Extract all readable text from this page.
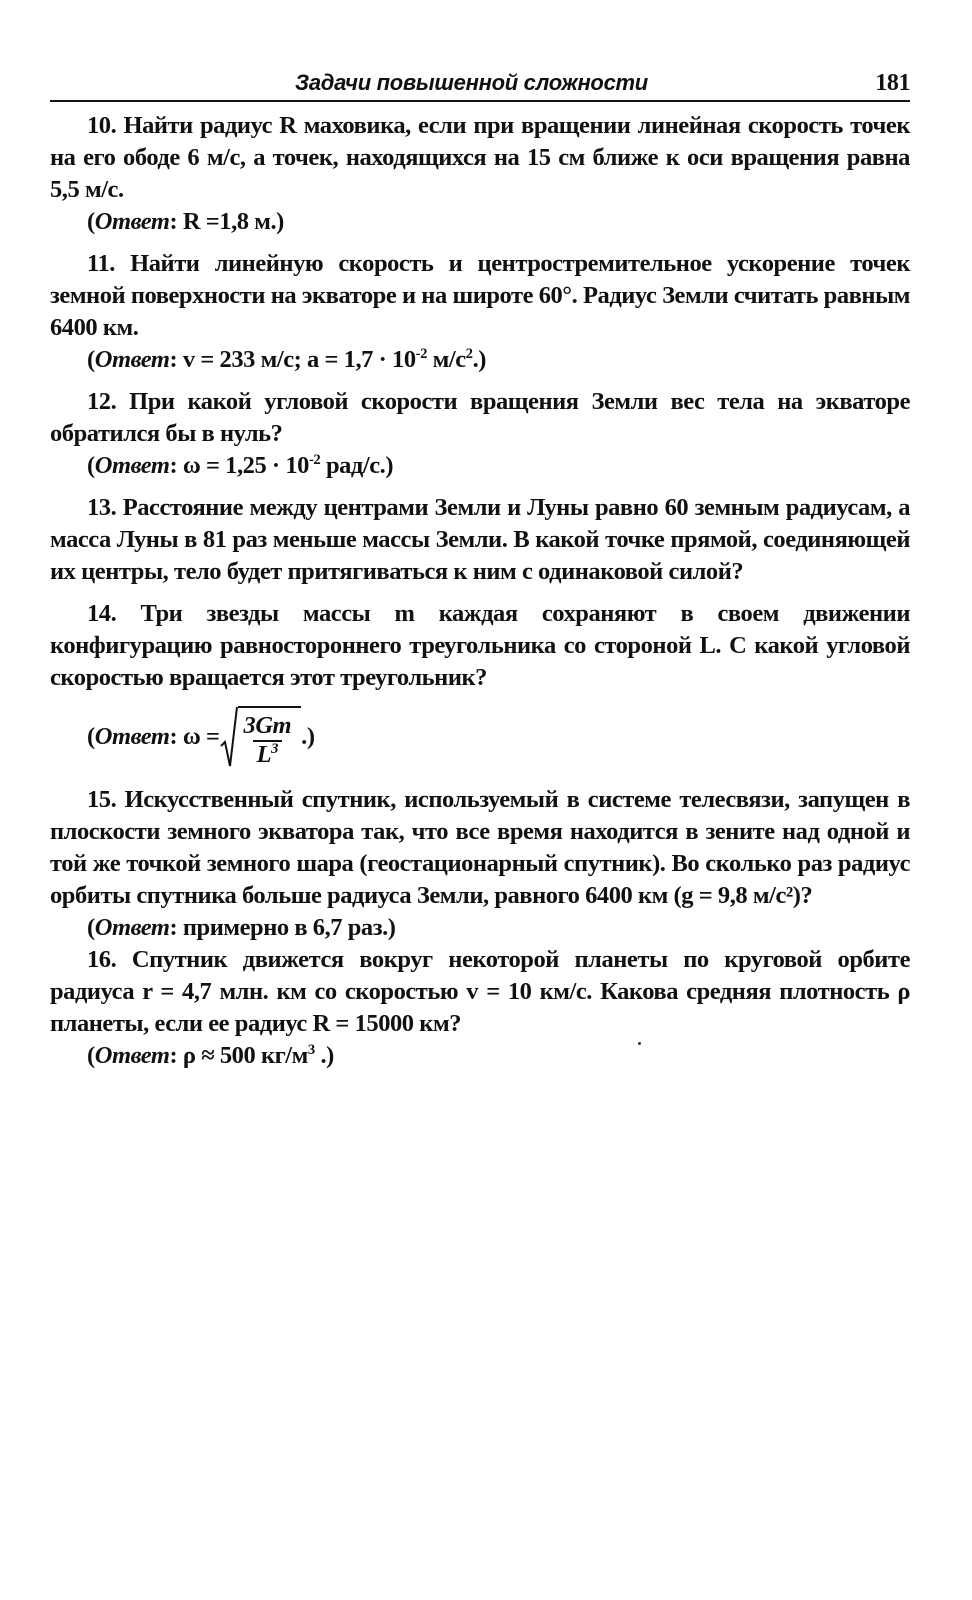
Задачи повышенной сложности	181

10. Найти радиус R маховика, если при вращении линейная скорость точек на его ободе 6 м/с, а точек, находящихся на 15 см ближе к оси вращения равна 5,5 м/с.

(Ответ: R =1,8 м.)

11. Найти линейную скорость и центростремительное ускорение точек земной поверхности на экваторе и на широте 60°. Радиус Земли считать равным 6400 км.

(Ответ: v = 233 м/с; $a = 1,7 \cdot 10^{-2}$ $м/с^2$.)

12. При какой угловой скорости вращения Земли вес тела на экваторе обратился бы в нуль?

(Ответ: $\omega = 1,25 \cdot 10^{-2}$ рад/с.)

13. Расстояние между центрами Земли и Луны равно 60 земным радиусам, а масса Луны в 81 раз меньше массы Земли. В какой точке прямой, соединяющей их центры, тело будет притягиваться к ним с одинаковой силой?

14. Три звезды массы m каждая сохраняют в своем движении конфигурацию равностороннего треугольника со стороной L. С какой угловой скоростью вращается этот треугольник?

( Ответ : $\omega = \frac{3Gm}{L^3}$ .)

15. Искусственный спутник, используемый в системе телесвязи, запущен в плоскости земного экватора так, что все время находится в зените над одной и той же точкой земного шара (геостационарный спутник). Во сколько раз радиус орбиты спутника больше радиуса Земли, равного 6400 км (g = 9,8 м/с²)?

(Ответ: примерно в 6,7 раз.)

16. Спутник движется вокруг некоторой планеты по круговой орбите радиуса r = 4,7 млн. км со скоростью v = 10 км/с. Какова средняя плотность ρ планеты, если ее радиус R = 15000 км?

(Ответ: ρ ≈ 500 $кг/м^3$ .)
